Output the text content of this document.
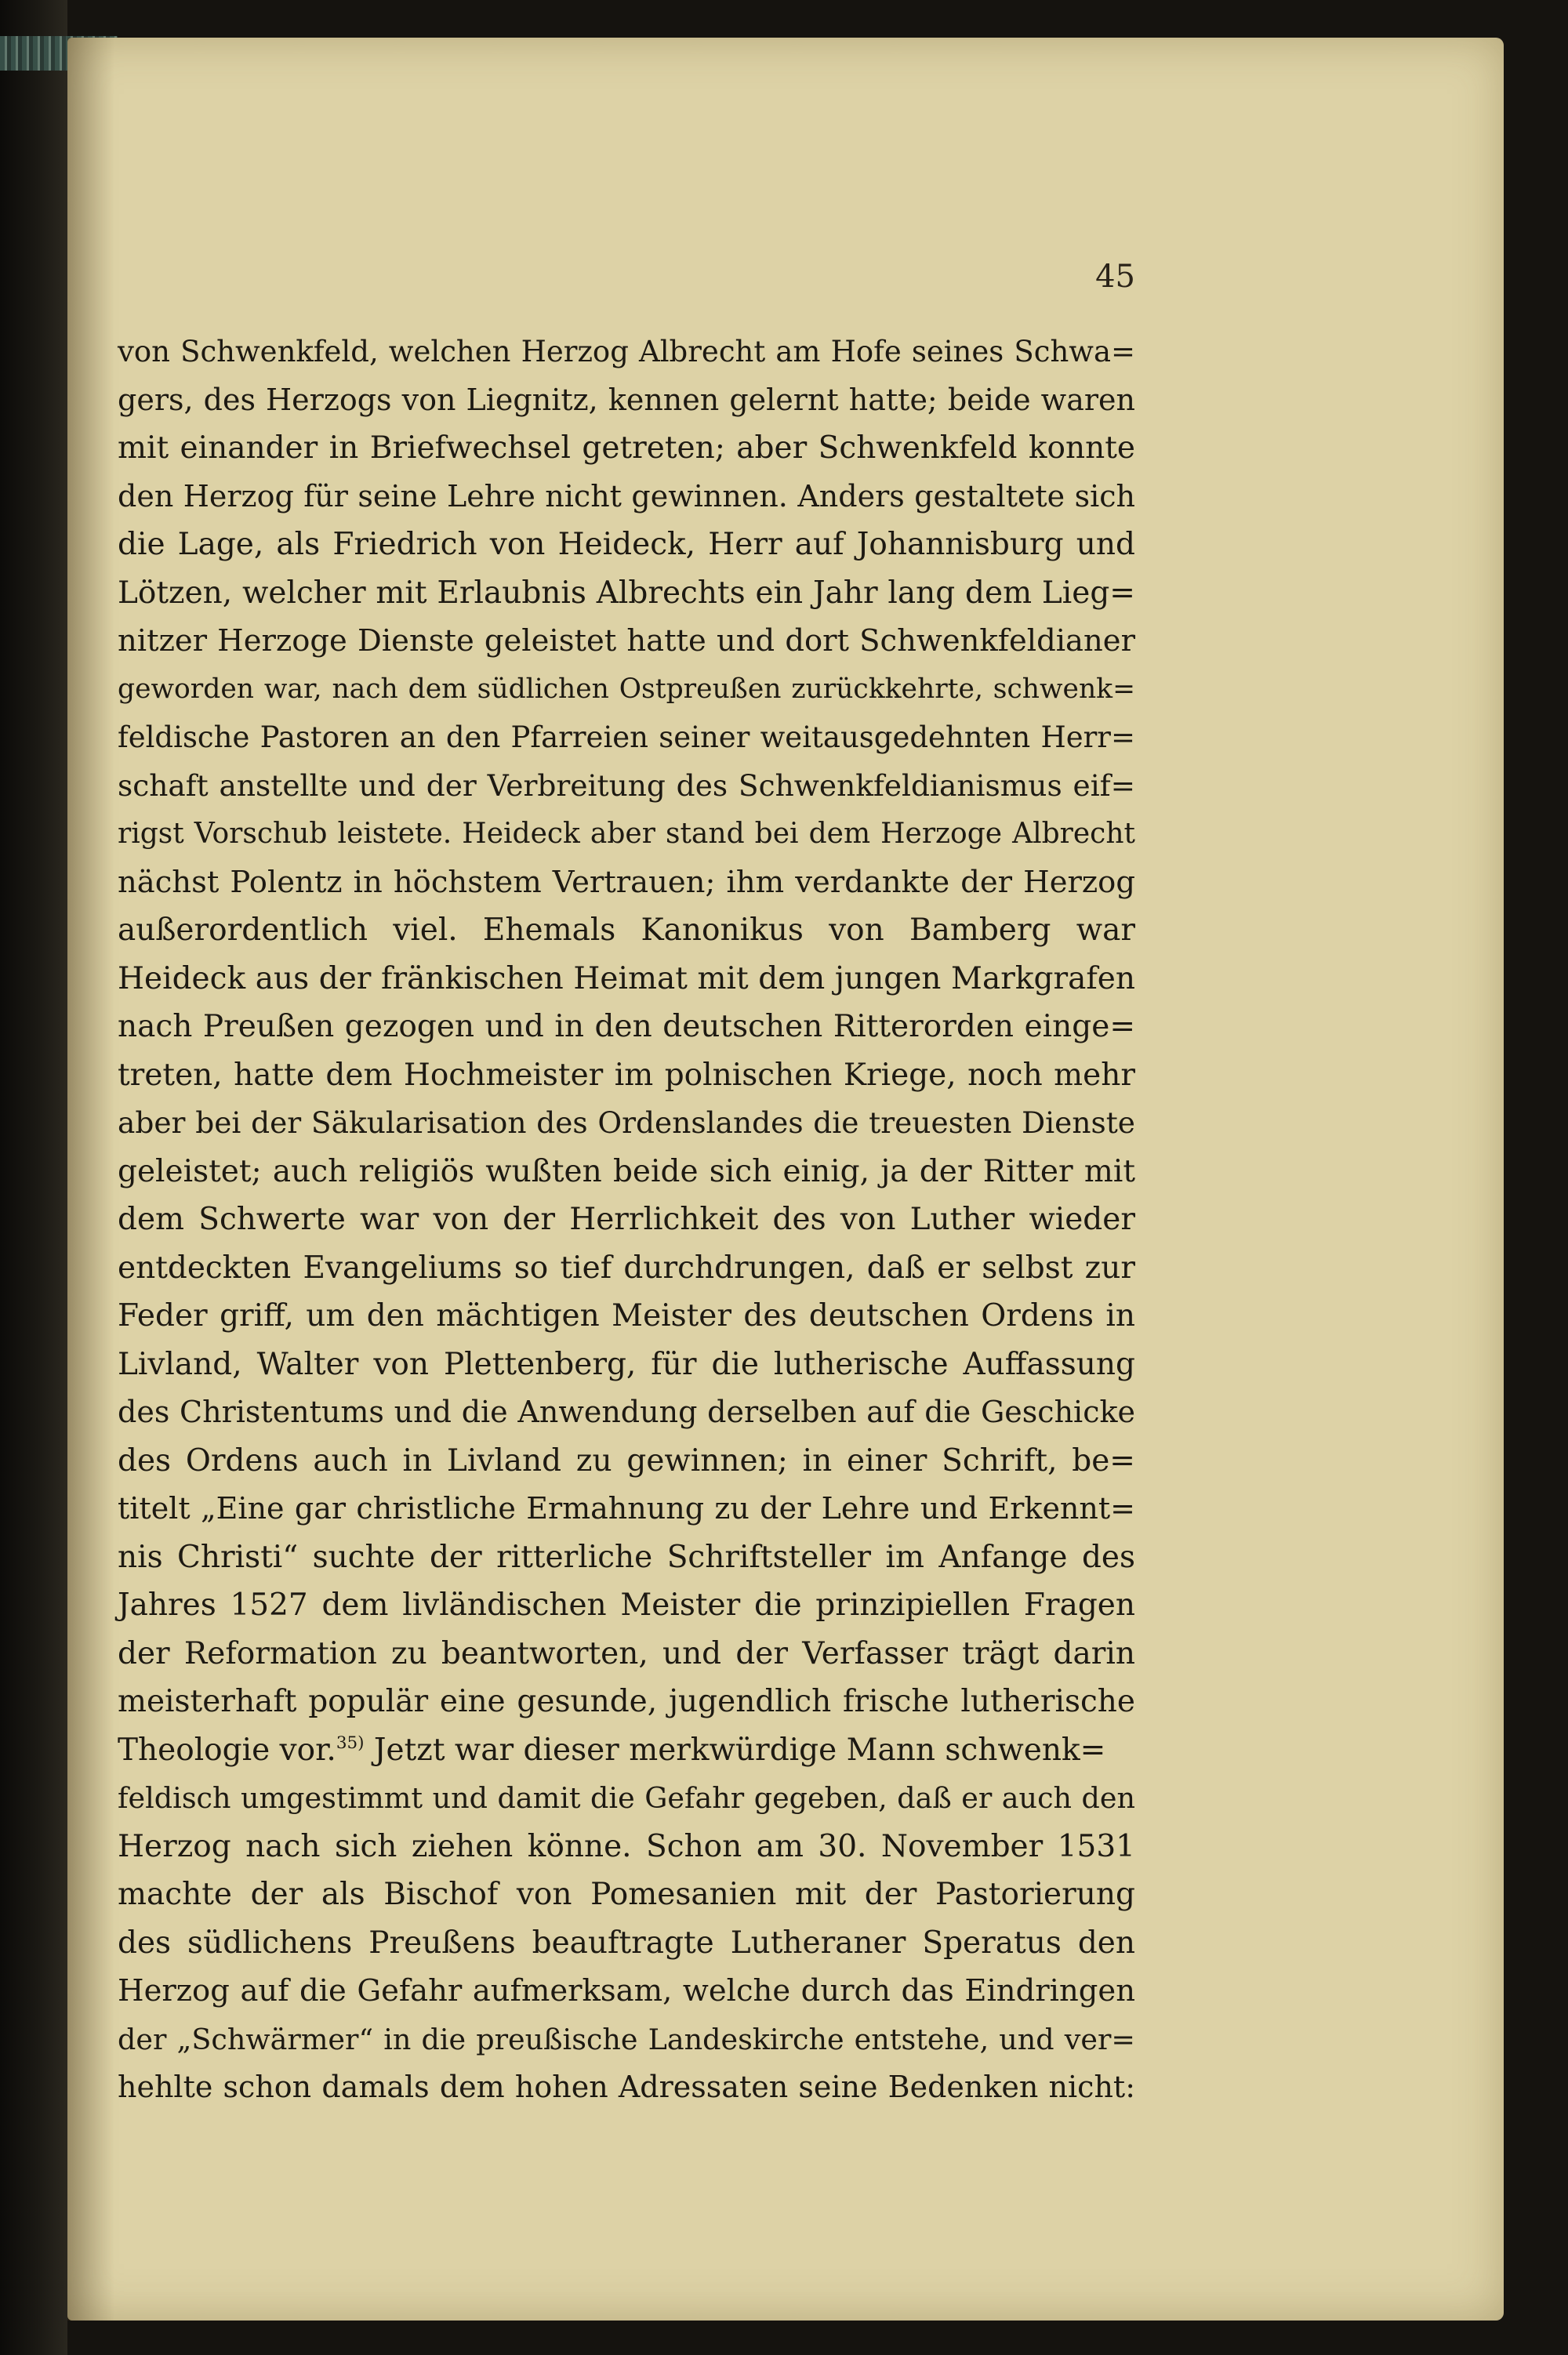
45
von Schwenkfeld, welchen Herzog Albrecht am Hofe seines Schwa=
gers, des Herzogs von Liegnitz, kennen gelernt hatte; beide waren
mit einander in Briefwechsel getreten; aber Schwenkfeld konnte
den Herzog für seine Lehre nicht gewinnen. Anders gestaltete sich
die Lage, als Friedrich von Heideck, Herr auf Johannisburg und
Lötzen, welcher mit Erlaubnis Albrechts ein Jahr lang dem Lieg=
nitzer Herzoge Dienste geleistet hatte und dort Schwenkfeldianer
geworden war, nach dem südlichen Ostpreußen zurückkehrte, schwenk=
feldische Pastoren an den Pfarreien seiner weitausgedehnten Herr=
schaft anstellte und der Verbreitung des Schwenkfeldianismus eif=
rigst Vorschub leistete. Heideck aber stand bei dem Herzoge Albrecht
nächst Polentz in höchstem Vertrauen; ihm verdankte der Herzog
außerordentlich viel. Ehemals Kanonikus von Bamberg war
Heideck aus der fränkischen Heimat mit dem jungen Markgrafen
nach Preußen gezogen und in den deutschen Ritterorden einge=
treten, hatte dem Hochmeister im polnischen Kriege, noch mehr
aber bei der Säkularisation des Ordenslandes die treuesten Dienste
geleistet; auch religiös wußten beide sich einig, ja der Ritter mit
dem Schwerte war von der Herrlichkeit des von Luther wieder
entdeckten Evangeliums so tief durchdrungen, daß er selbst zur
Feder griff, um den mächtigen Meister des deutschen Ordens in
Livland, Walter von Plettenberg, für die lutherische Auffassung
des Christentums und die Anwendung derselben auf die Geschicke
des Ordens auch in Livland zu gewinnen; in einer Schrift, be=
titelt „Eine gar christliche Ermahnung zu der Lehre und Erkennt=
nis Christi“ suchte der ritterliche Schriftsteller im Anfange des
Jahres 1527 dem livländischen Meister die prinzipiellen Fragen
der Reformation zu beantworten, und der Verfasser trägt darin
meisterhaft populär eine gesunde, jugendlich frische lutherische
Theologie vor.$^{35)}$ Jetzt war dieser merkwürdige Mann schwenk=
feldisch umgestimmt und damit die Gefahr gegeben, daß er auch den
Herzog nach sich ziehen könne. Schon am 30. November 1531
machte der als Bischof von Pomesanien mit der Pastorierung
des südlichens Preußens beauftragte Lutheraner Speratus den
Herzog auf die Gefahr aufmerksam, welche durch das Eindringen
der „Schwärmer“ in die preußische Landeskirche entstehe, und ver=
hehlte schon damals dem hohen Adressaten seine Bedenken nicht:
